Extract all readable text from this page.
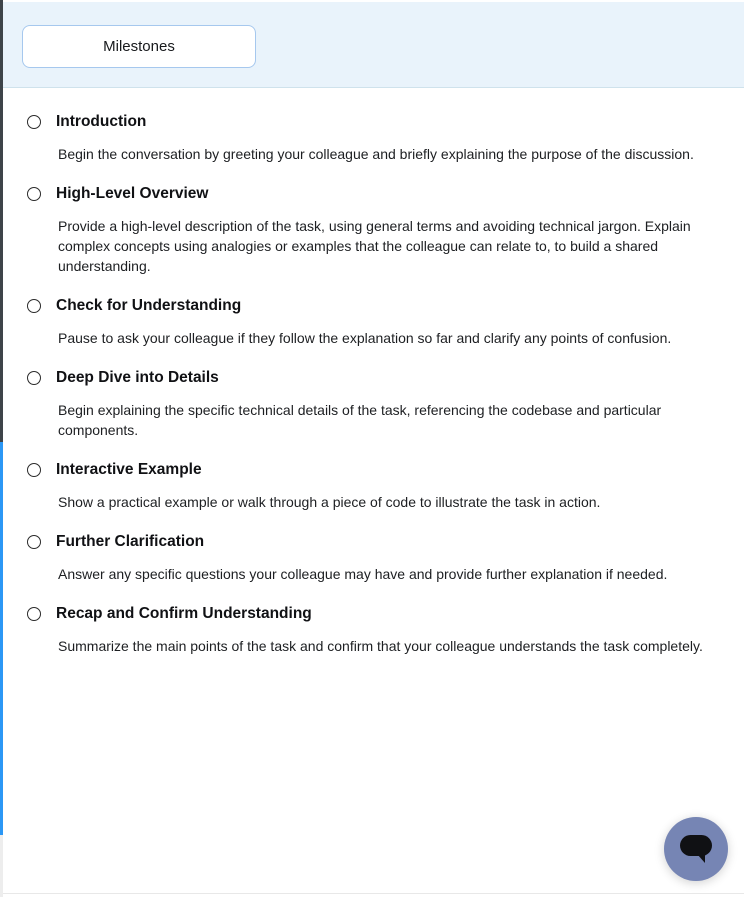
Milestones
Introduction

Begin the conversation by greeting your colleague and briefly explaining the purpose of the discussion.

High-Level Overview

Provide a high-level description of the task, using general terms and avoiding technical jargon. Explain complex concepts using analogies or examples that the colleague can relate to, to build a shared understanding.

Check for Understanding

Pause to ask your colleague if they follow the explanation so far and clarify any points of confusion.

Deep Dive into Details

Begin explaining the specific technical details of the task, referencing the codebase and particular components.

Interactive Example

Show a practical example or walk through a piece of code to illustrate the task in action.

Further Clarification

Answer any specific questions your colleague may have and provide further explanation if needed.

Recap and Confirm Understanding

Summarize the main points of the task and confirm that your colleague understands the task completely.
